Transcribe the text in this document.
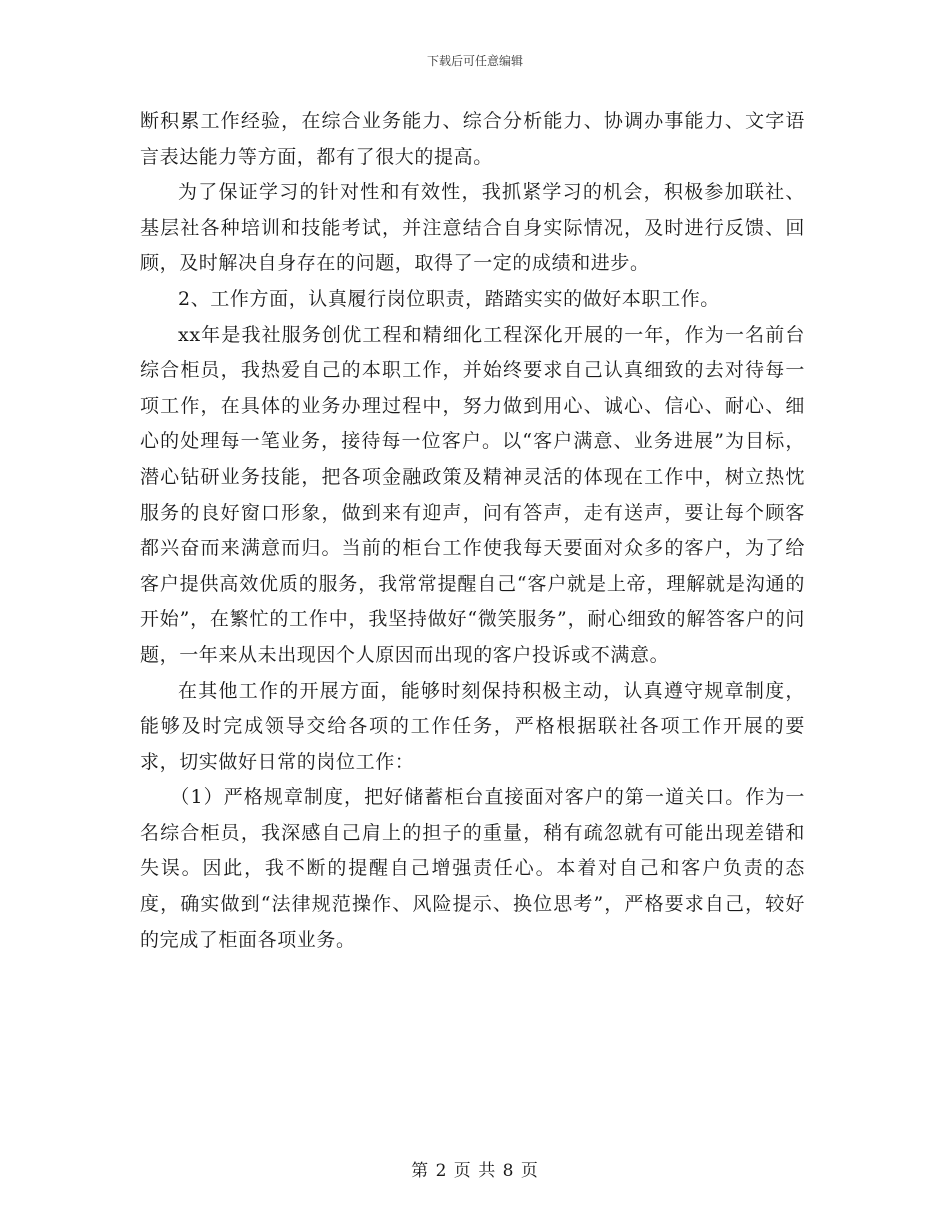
下载后可任意编辑

断积累工作经验，在综合业务能力、综合分析能力、协调办事能力、文字语言表达能力等方面，都有了很大的提高。

为了保证学习的针对性和有效性，我抓紧学习的机会，积极参加联社、基层社各种培训和技能考试，并注意结合自身实际情况，及时进行反馈、回顾，及时解决自身存在的问题，取得了一定的成绩和进步。

2、工作方面，认真履行岗位职责，踏踏实实的做好本职工作。

xx年是我社服务创优工程和精细化工程深化开展的一年，作为一名前台综合柜员，我热爱自己的本职工作，并始终要求自己认真细致的去对待每一项工作，在具体的业务办理过程中，努力做到用心、诚心、信心、耐心、细心的处理每一笔业务，接待每一位客户。以“客户满意、业务进展”为目标，潜心钻研业务技能，把各项金融政策及精神灵活的体现在工作中，树立热忱服务的良好窗口形象，做到来有迎声，问有答声，走有送声，要让每个顾客都兴奋而来满意而归。当前的柜台工作使我每天要面对众多的客户，为了给客户提供高效优质的服务，我常常提醒自己“客户就是上帝，理解就是沟通的开始”，在繁忙的工作中，我坚持做好“微笑服务”，耐心细致的解答客户的问题，一年来从未出现因个人原因而出现的客户投诉或不满意。

在其他工作的开展方面，能够时刻保持积极主动，认真遵守规章制度，能够及时完成领导交给各项的工作任务，严格根据联社各项工作开展的要求，切实做好日常的岗位工作：

（1）严格规章制度，把好储蓄柜台直接面对客户的第一道关口。作为一名综合柜员，我深感自己肩上的担子的重量，稍有疏忽就有可能出现差错和失误。因此，我不断的提醒自己增强责任心。本着对自己和客户负责的态度，确实做到“法律规范操作、风险提示、换位思考”，严格要求自己，较好的完成了柜面各项业务。

第 2 页 共 8 页
